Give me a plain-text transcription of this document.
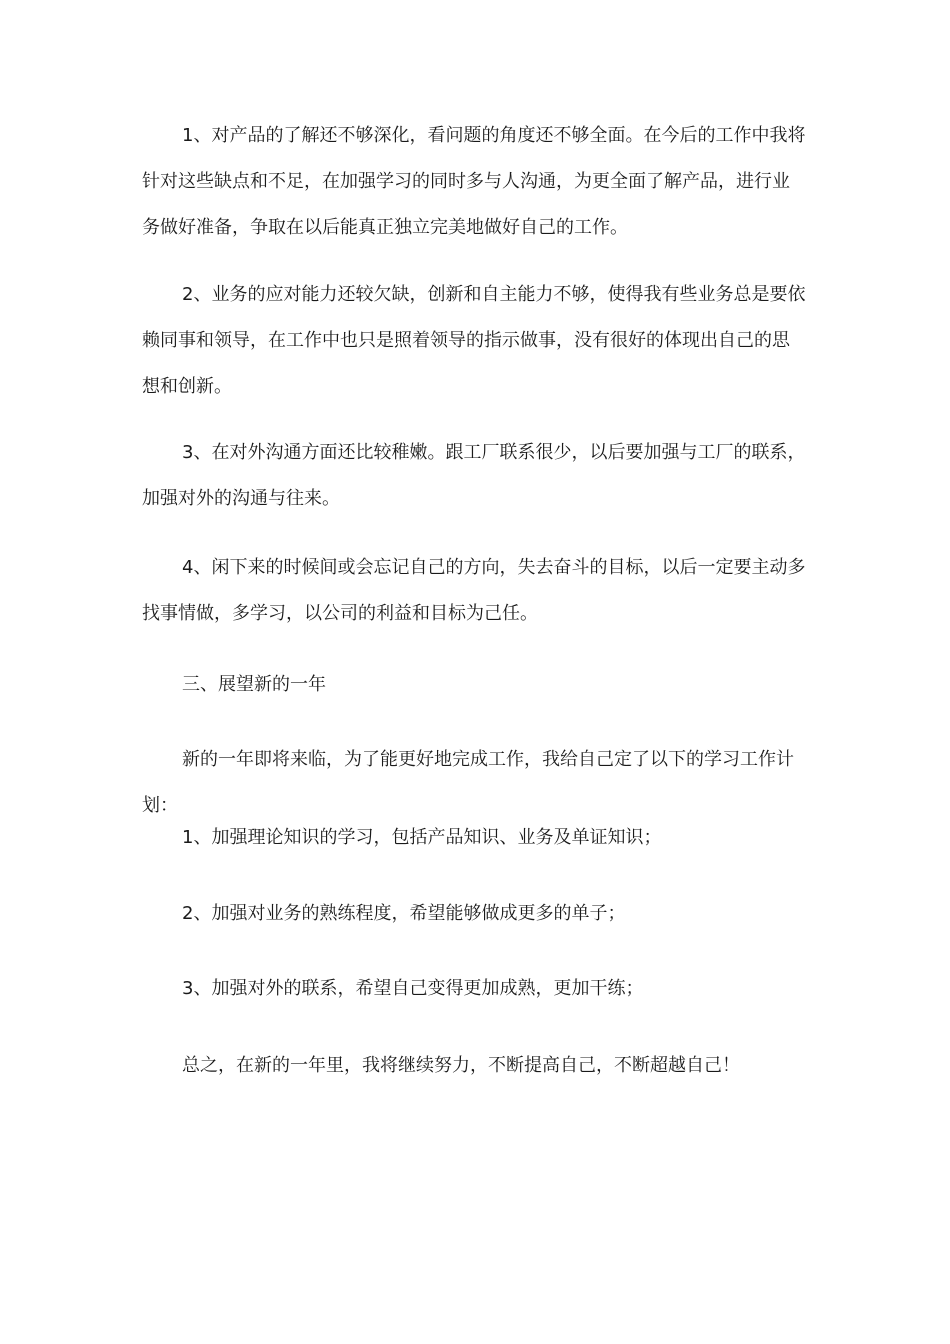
1、对产品的了解还不够深化，看问题的角度还不够全面。在今后的工作中我将针对这些缺点和不足，在加强学习的同时多与人沟通，为更全面了解产品，进行业务做好准备，争取在以后能真正独立完美地做好自己的工作。

2、业务的应对能力还较欠缺，创新和自主能力不够，使得我有些业务总是要依赖同事和领导，在工作中也只是照着领导的指示做事，没有很好的体现出自己的思想和创新。

3、在对外沟通方面还比较稚嫩。跟工厂联系很少，以后要加强与工厂的联系，加强对外的沟通与往来。

4、闲下来的时候间或会忘记自己的方向，失去奋斗的目标，以后一定要主动多找事情做，多学习，以公司的利益和目标为己任。

三、展望新的一年

新的一年即将来临，为了能更好地完成工作，我给自己定了以下的学习工作计划：

1、加强理论知识的学习，包括产品知识、业务及单证知识；

2、加强对业务的熟练程度，希望能够做成更多的单子；

3、加强对外的联系，希望自己变得更加成熟，更加干练；

总之，在新的一年里，我将继续努力，不断提高自己，不断超越自己！
